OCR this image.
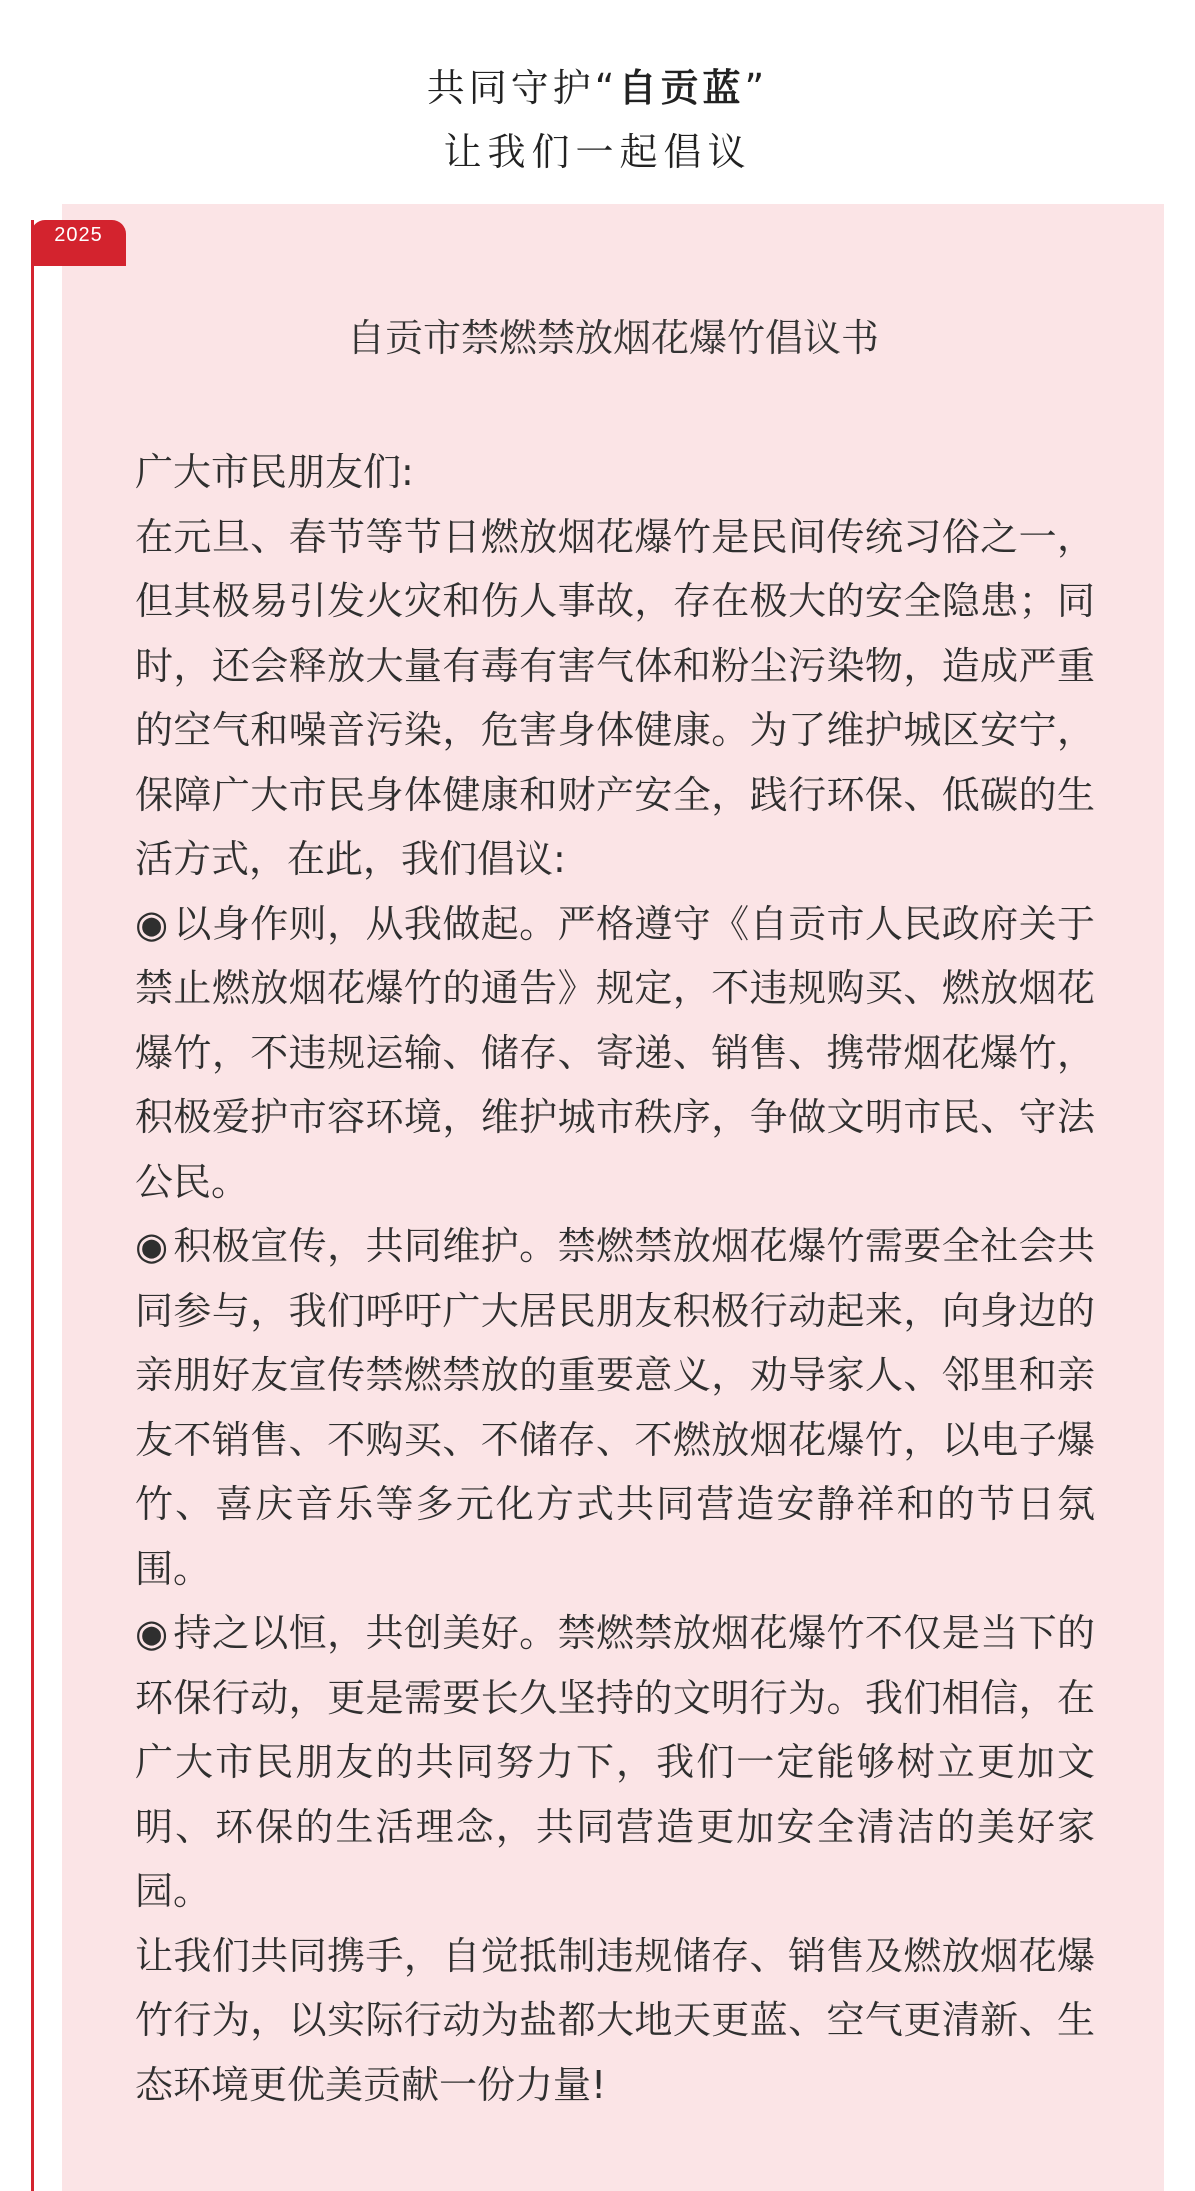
共同守护“自贡蓝”
让我们一起倡议
2025
自贡市禁燃禁放烟花爆竹倡议书

广大市民朋友们:

在元旦、春节等节日燃放烟花爆竹是民间传统习俗之一，但其极易引发火灾和伤人事故，存在极大的安全隐患；同时，还会释放大量有毒有害气体和粉尘污染物，造成严重的空气和噪音污染，危害身体健康。为了维护城区安宁，保障广大市民身体健康和财产安全，践行环保、低碳的生活方式，在此，我们倡议:

◉ 以身作则，从我做起。严格遵守《自贡市人民政府关于禁止燃放烟花爆竹的通告》规定，不违规购买、燃放烟花爆竹，不违规运输、储存、寄递、销售、携带烟花爆竹，积极爱护市容环境，维护城市秩序，争做文明市民、守法公民。

◉ 积极宣传，共同维护。禁燃禁放烟花爆竹需要全社会共同参与，我们呼吁广大居民朋友积极行动起来，向身边的亲朋好友宣传禁燃禁放的重要意义，劝导家人、邻里和亲友不销售、不购买、不储存、不燃放烟花爆竹，以电子爆竹、喜庆音乐等多元化方式共同营造安静祥和的节日氛围。

◉ 持之以恒，共创美好。禁燃禁放烟花爆竹不仅是当下的环保行动，更是需要长久坚持的文明行为。我们相信，在广大市民朋友的共同努力下，我们一定能够树立更加文明、环保的生活理念，共同营造更加安全清洁的美好家园。

让我们共同携手，自觉抵制违规储存、销售及燃放烟花爆竹行为，以实际行动为盐都大地天更蓝、空气更清新、生态环境更优美贡献一份力量!
